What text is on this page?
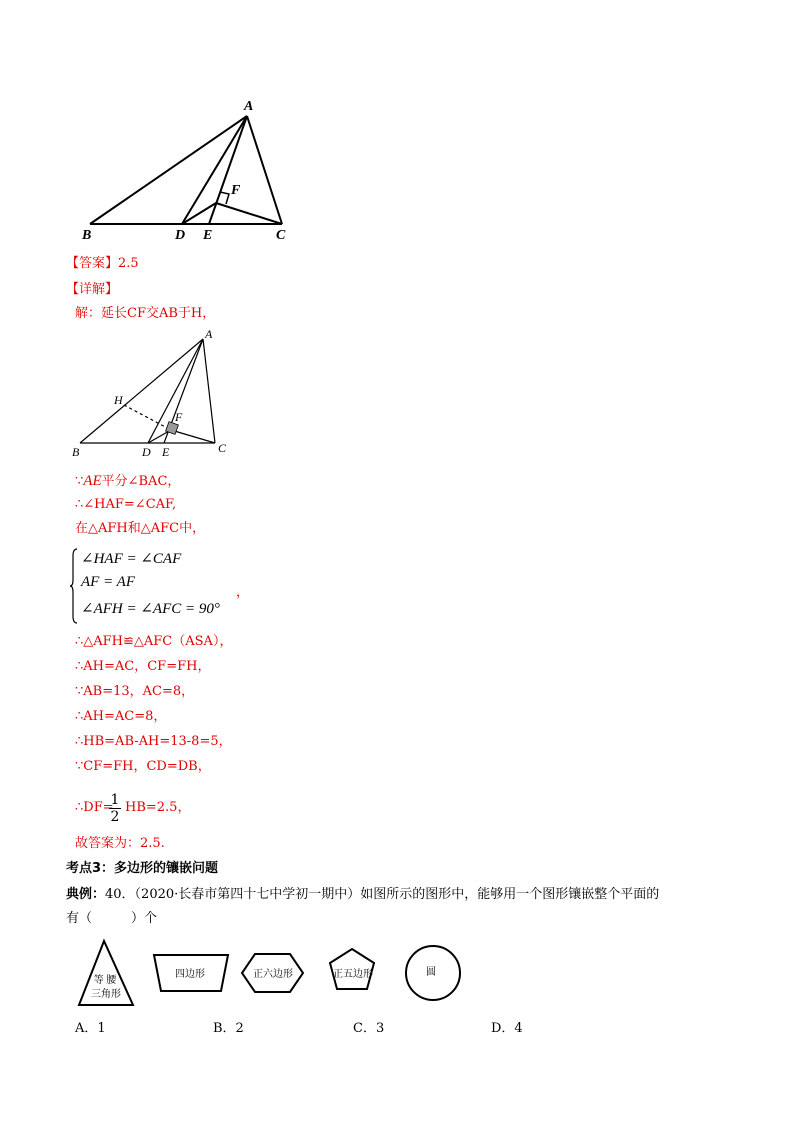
A
F
B	D E	C
【答案】2.5
【详解】
解：延长CF交AB于H，
A
H
F
B	D E	C
∵AE平分∠BAC，
∴∠HAF=∠CAF,
在△AFH和△AFC中，
∠HAF = ∠CAF
AF = AF
∠AFH = ∠AFC = 90°
，
∴△AFH≌△AFC（ASA），
∴AH=AC，CF=FH，
∵AB=13，AC=8，
∴AH=AC=8，
∴HB=AB-AH=13-8=5，
∵CF=FH，CD=DB，
∴DF=
$\frac{1}{2} HB=2.5$，
故答案为：2.5.
考点3：多边形的镶嵌问题
典例：40．（2020·长春市第四十七中学初一期中）如图所示的图形中，能够用一个图形镶嵌整个平面的
有（　　　）个
等 腰
三角形
四边形	正六边形	正五边形	圆
A．1	B．2	C．3	D．4
